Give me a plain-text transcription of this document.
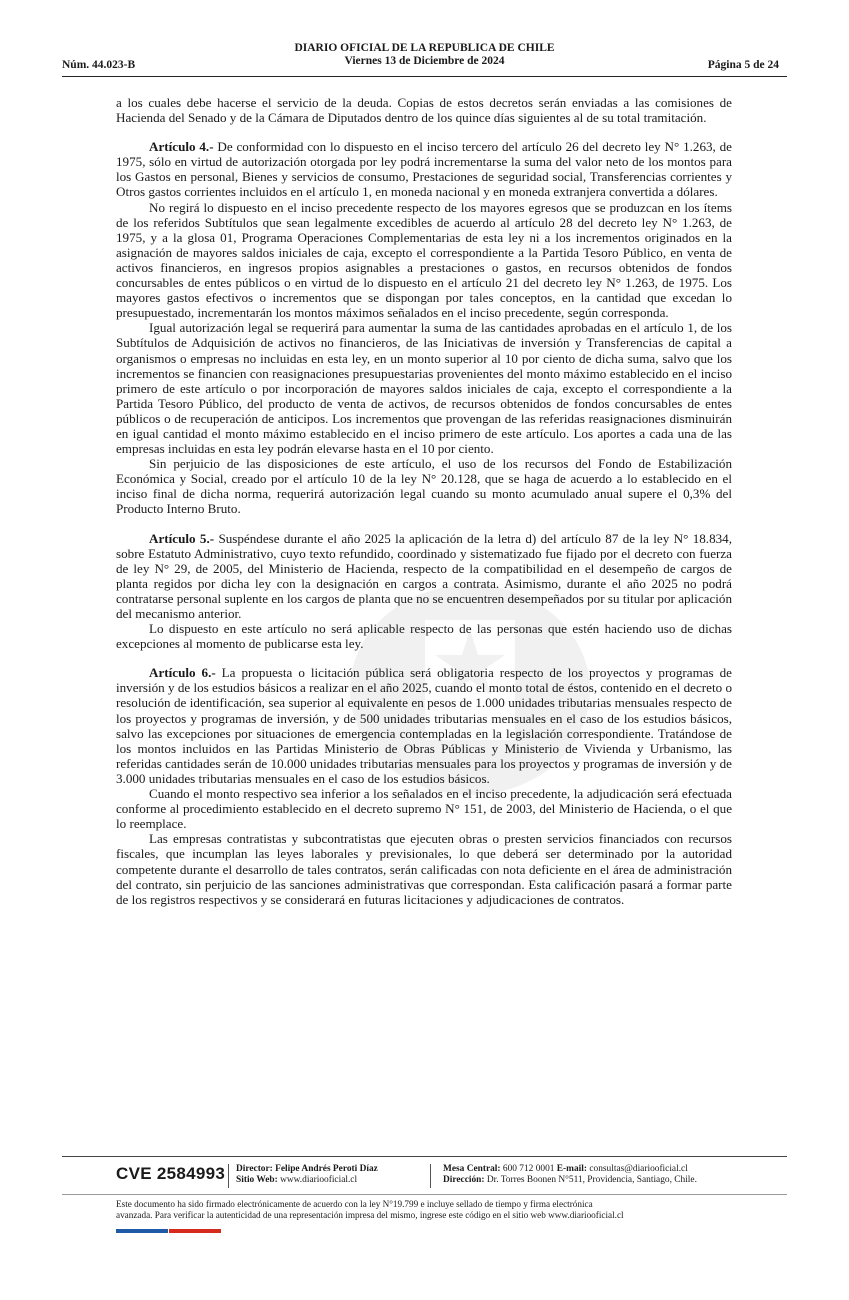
Núm. 44.023-B
DIARIO OFICIAL DE LA REPUBLICA DE CHILE
Viernes 13 de Diciembre de 2024	Página 5 de 24

a los cuales debe hacerse el servicio de la deuda. Copias de estos decretos serán enviadas a las comisiones de Hacienda del Senado y de la Cámara de Diputados dentro de los quince días siguientes al de su total tramitación.

Artículo 4.- De conformidad con lo dispuesto en el inciso tercero del artículo 26 del decreto ley N° 1.263, de 1975, sólo en virtud de autorización otorgada por ley podrá incrementarse la suma del valor neto de los montos para los Gastos en personal, Bienes y servicios de consumo, Prestaciones de seguridad social, Transferencias corrientes y Otros gastos corrientes incluidos en el artículo 1, en moneda nacional y en moneda extranjera convertida a dólares.

No regirá lo dispuesto en el inciso precedente respecto de los mayores egresos que se produzcan en los ítems de los referidos Subtítulos que sean legalmente excedibles de acuerdo al artículo 28 del decreto ley N° 1.263, de 1975, y a la glosa 01, Programa Operaciones Complementarias de esta ley ni a los incrementos originados en la asignación de mayores saldos iniciales de caja, excepto el correspondiente a la Partida Tesoro Público, en venta de activos financieros, en ingresos propios asignables a prestaciones o gastos, en recursos obtenidos de fondos concursables de entes públicos o en virtud de lo dispuesto en el artículo 21 del decreto ley N° 1.263, de 1975. Los mayores gastos efectivos o incrementos que se dispongan por tales conceptos, en la cantidad que excedan lo presupuestado, incrementarán los montos máximos señalados en el inciso precedente, según corresponda.

Igual autorización legal se requerirá para aumentar la suma de las cantidades aprobadas en el artículo 1, de los Subtítulos de Adquisición de activos no financieros, de las Iniciativas de inversión y Transferencias de capital a organismos o empresas no incluidas en esta ley, en un monto superior al 10 por ciento de dicha suma, salvo que los incrementos se financien con reasignaciones presupuestarias provenientes del monto máximo establecido en el inciso primero de este artículo o por incorporación de mayores saldos iniciales de caja, excepto el correspondiente a la Partida Tesoro Público, del producto de venta de activos, de recursos obtenidos de fondos concursables de entes públicos o de recuperación de anticipos. Los incrementos que provengan de las referidas reasignaciones disminuirán en igual cantidad el monto máximo establecido en el inciso primero de este artículo. Los aportes a cada una de las empresas incluidas en esta ley podrán elevarse hasta en el 10 por ciento.

Sin perjuicio de las disposiciones de este artículo, el uso de los recursos del Fondo de Estabilización Económica y Social, creado por el artículo 10 de la ley N° 20.128, que se haga de acuerdo a lo establecido en el inciso final de dicha norma, requerirá autorización legal cuando su monto acumulado anual supere el 0,3% del Producto Interno Bruto.

Artículo 5.- Suspéndese durante el año 2025 la aplicación de la letra d) del artículo 87 de la ley N° 18.834, sobre Estatuto Administrativo, cuyo texto refundido, coordinado y sistematizado fue fijado por el decreto con fuerza de ley N° 29, de 2005, del Ministerio de Hacienda, respecto de la compatibilidad en el desempeño de cargos de planta regidos por dicha ley con la designación en cargos a contrata. Asimismo, durante el año 2025 no podrá contratarse personal suplente en los cargos de planta que no se encuentren desempeñados por su titular por aplicación del mecanismo anterior.

Lo dispuesto en este artículo no será aplicable respecto de las personas que estén haciendo uso de dichas excepciones al momento de publicarse esta ley.

Artículo 6.- La propuesta o licitación pública será obligatoria respecto de los proyectos y programas de inversión y de los estudios básicos a realizar en el año 2025, cuando el monto total de éstos, contenido en el decreto o resolución de identificación, sea superior al equivalente en pesos de 1.000 unidades tributarias mensuales respecto de los proyectos y programas de inversión, y de 500 unidades tributarias mensuales en el caso de los estudios básicos, salvo las excepciones por situaciones de emergencia contempladas en la legislación correspondiente. Tratándose de los montos incluidos en las Partidas Ministerio de Obras Públicas y Ministerio de Vivienda y Urbanismo, las referidas cantidades serán de 10.000 unidades tributarias mensuales para los proyectos y programas de inversión y de 3.000 unidades tributarias mensuales en el caso de los estudios básicos.

Cuando el monto respectivo sea inferior a los señalados en el inciso precedente, la adjudicación será efectuada conforme al procedimiento establecido en el decreto supremo N° 151, de 2003, del Ministerio de Hacienda, o el que lo reemplace.

Las empresas contratistas y subcontratistas que ejecuten obras o presten servicios financiados con recursos fiscales, que incumplan las leyes laborales y previsionales, lo que deberá ser determinado por la autoridad competente durante el desarrollo de tales contratos, serán calificadas con nota deficiente en el área de administración del contrato, sin perjuicio de las sanciones administrativas que correspondan. Esta calificación pasará a formar parte de los registros respectivos y se considerará en futuras licitaciones y adjudicaciones de contratos.

CVE 2584993 Director: Felipe Andrés Peroti Díaz
Sitio Web: www.diariooficial.cl
Mesa Central: 600 712 0001 E-mail: consultas@diariooficial.cl
Dirección: Dr. Torres Boonen N°511, Providencia, Santiago, Chile.
Este documento ha sido firmado electrónicamente de acuerdo con la ley N°19.799 e incluye sellado de tiempo y firma electrónica
avanzada. Para verificar la autenticidad de una representación impresa del mismo, ingrese este código en el sitio web www.diariooficial.cl
